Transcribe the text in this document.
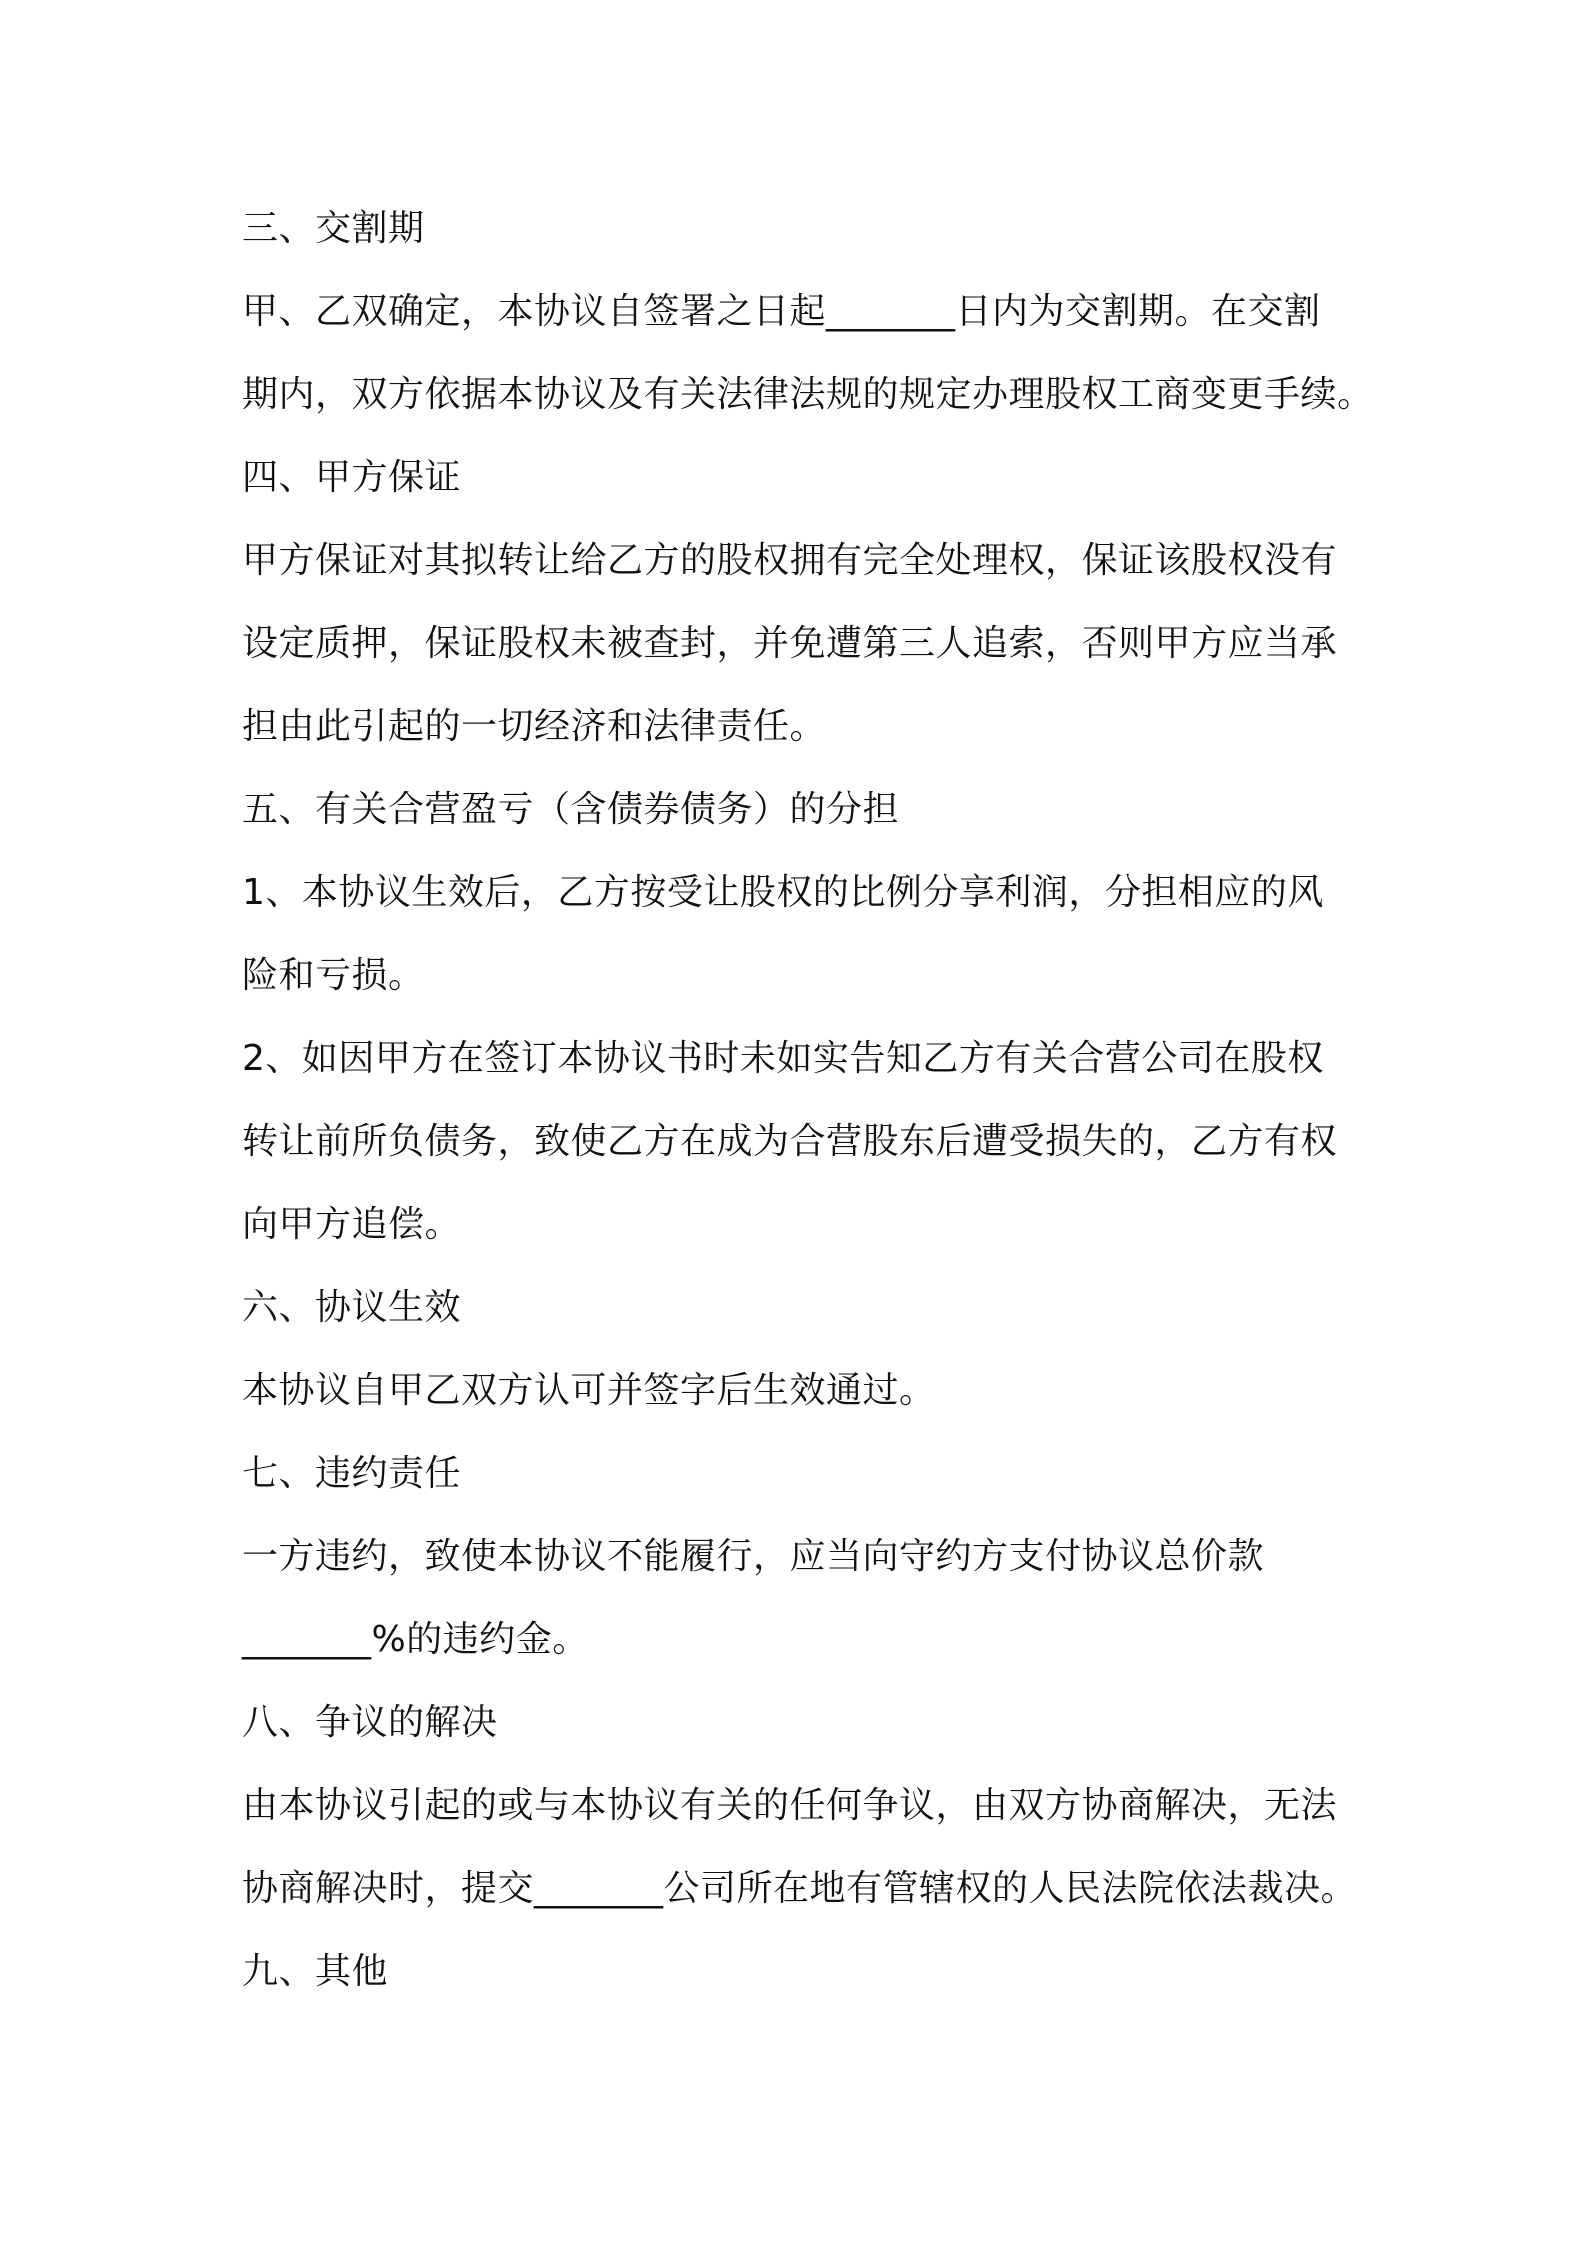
三、交割期
甲、乙双确定，本协议自签署之日起_______日内为交割期。在交割
期内，双方依据本协议及有关法律法规的规定办理股权工商变更手续。
四、甲方保证
甲方保证对其拟转让给乙方的股权拥有完全处理权，保证该股权没有
设定质押，保证股权未被查封，并免遭第三人追索，否则甲方应当承
担由此引起的一切经济和法律责任。
五、有关合营盈亏（含债券债务）的分担
1、本协议生效后，乙方按受让股权的比例分享利润，分担相应的风
险和亏损。
2、如因甲方在签订本协议书时未如实告知乙方有关合营公司在股权
转让前所负债务，致使乙方在成为合营股东后遭受损失的，乙方有权
向甲方追偿。
六、协议生效
本协议自甲乙双方认可并签字后生效通过。
七、违约责任
一方违约，致使本协议不能履行，应当向守约方支付协议总价款
_______%的违约金。
八、争议的解决
由本协议引起的或与本协议有关的任何争议，由双方协商解决，无法
协商解决时，提交_______公司所在地有管辖权的人民法院依法裁决。
九、其他
